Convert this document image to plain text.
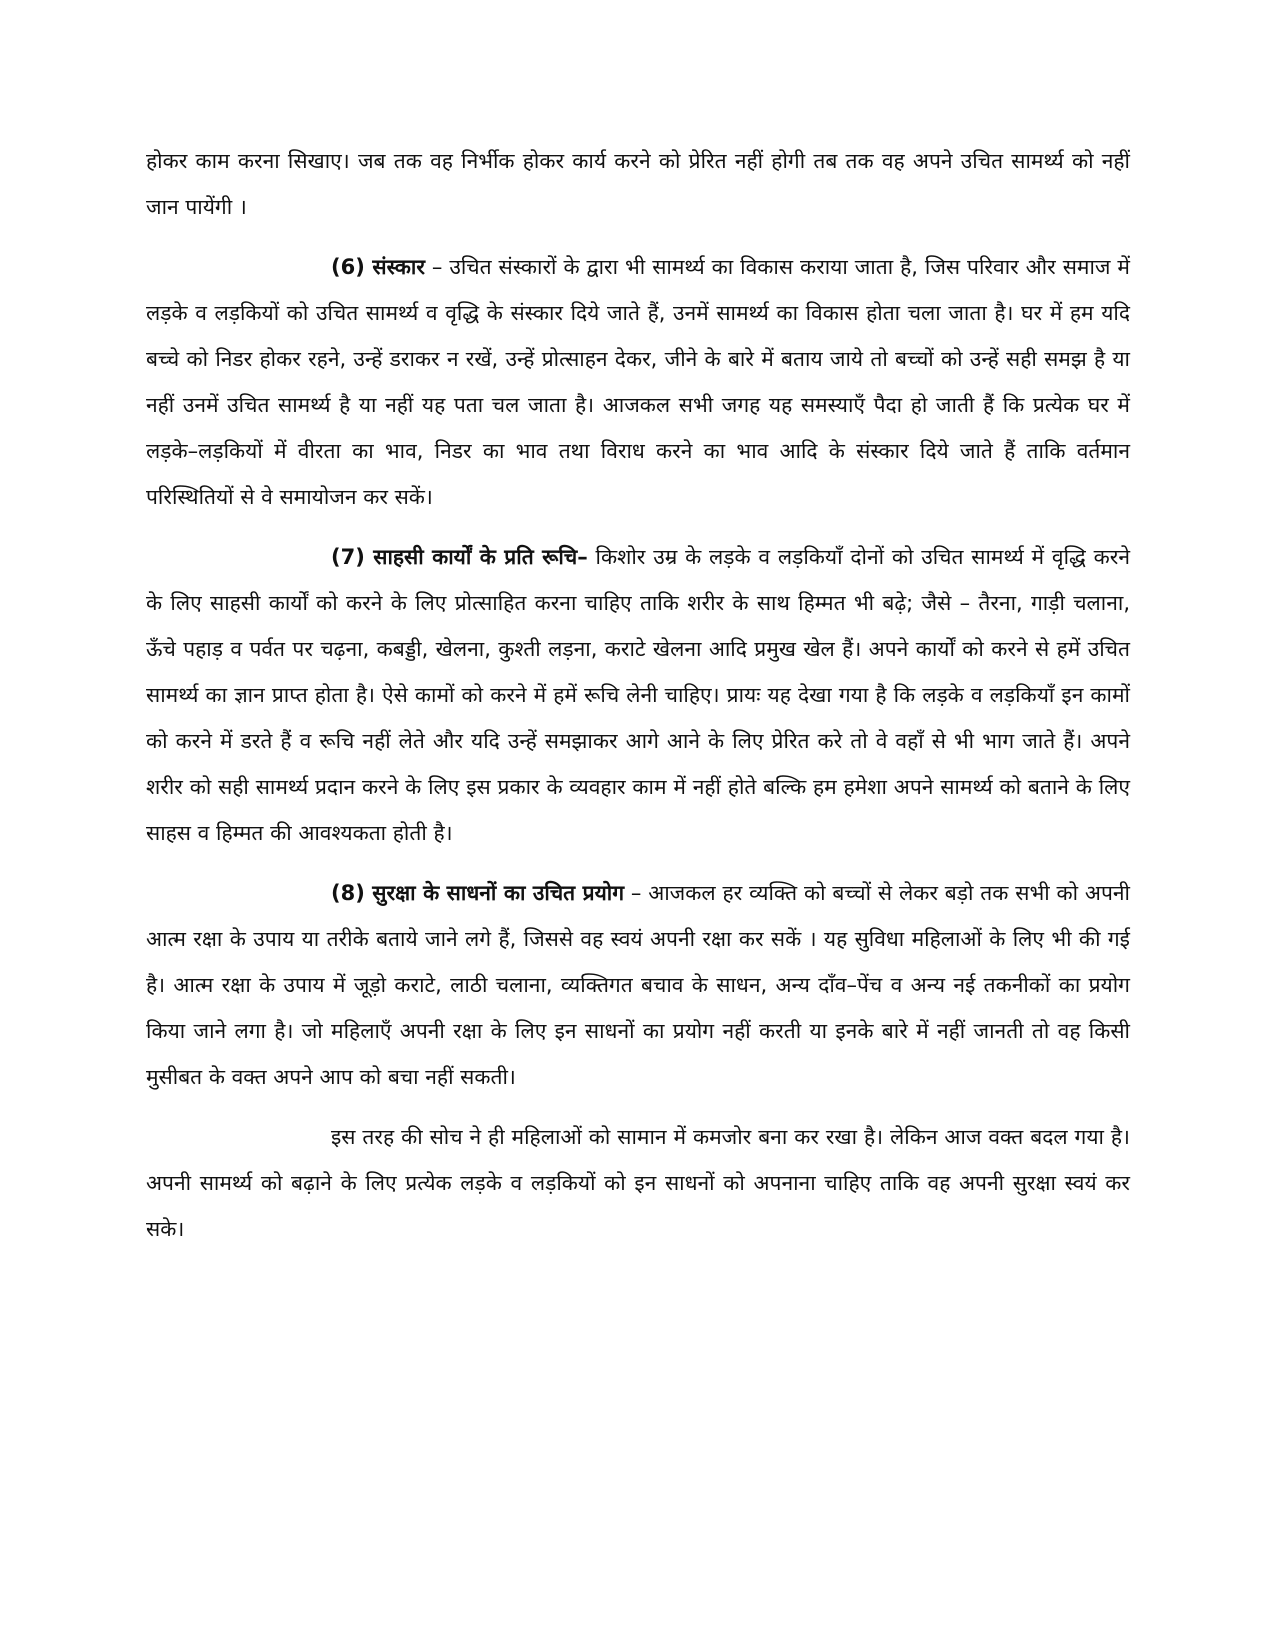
होकर काम करना सिखाए। जब तक वह निर्भीक होकर कार्य करने को प्रेरित नहीं होगी तब तक वह अपने उचित सामर्थ्य को नहीं जान पायेंगी ।

(6) संस्कार – उचित संस्कारों के द्वारा भी सामर्थ्य का विकास कराया जाता है, जिस परिवार और समाज में लड़के व लड़कियों को उचित सामर्थ्य व वृद्धि के संस्कार दिये जाते हैं, उनमें सामर्थ्य का विकास होता चला जाता है। घर में हम यदि बच्चे को निडर होकर रहने, उन्हें डराकर न रखें, उन्हें प्रोत्साहन देकर, जीने के बारे में बताय जाये तो बच्चों को उन्हें सही समझ है या नहीं उनमें उचित सामर्थ्य है या नहीं यह पता चल जाता है। आजकल सभी जगह यह समस्याएँ पैदा हो जाती हैं कि प्रत्येक घर में लड़के–लड़कियों में वीरता का भाव, निडर का भाव तथा विराध करने का भाव आदि के संस्कार दिये जाते हैं ताकि वर्तमान परिस्थितियों से वे समायोजन कर सकें।

(7) साहसी कार्यों के प्रति रूचि– किशोर उम्र के लड़के व लड़कियाँ दोनों को उचित सामर्थ्य में वृद्धि करने के लिए साहसी कार्यों को करने के लिए प्रोत्साहित करना चाहिए ताकि शरीर के साथ हिम्मत भी बढ़े; जैसे – तैरना, गाड़ी चलाना, ऊँचे पहाड़ व पर्वत पर चढ़ना, कबड्डी, खेलना, कुश्ती लड़ना, कराटे खेलना आदि प्रमुख खेल हैं। अपने कार्यों को करने से हमें उचित सामर्थ्य का ज्ञान प्राप्त होता है। ऐसे कामों को करने में हमें रूचि लेनी चाहिए। प्रायः यह देखा गया है कि लड़के व लड़कियाँ इन कामों को करने में डरते हैं व रूचि नहीं लेते और यदि उन्हें समझाकर आगे आने के लिए प्रेरित करे तो वे वहाँ से भी भाग जाते हैं। अपने शरीर को सही सामर्थ्य प्रदान करने के लिए इस प्रकार के व्यवहार काम में नहीं होते बल्कि हम हमेशा अपने सामर्थ्य को बताने के लिए साहस व हिम्मत की आवश्यकता होती है।

(8) सुरक्षा के साधनों का उचित प्रयोग – आजकल हर व्यक्ति को बच्चों से लेकर बड़ो तक सभी को अपनी आत्म रक्षा के उपाय या तरीके बताये जाने लगे हैं, जिससे वह स्वयं अपनी रक्षा कर सकें । यह सुविधा महिलाओं के लिए भी की गई है। आत्म रक्षा के उपाय में जूड़ो कराटे, लाठी चलाना, व्यक्तिगत बचाव के साधन, अन्य दाँव–पेंच व अन्य नई तकनीकों का प्रयोग किया जाने लगा है। जो महिलाएँ अपनी रक्षा के लिए इन साधनों का प्रयोग नहीं करती या इनके बारे में नहीं जानती तो वह किसी मुसीबत के वक्त अपने आप को बचा नहीं सकती।

इस तरह की सोच ने ही महिलाओं को सामान में कमजोर बना कर रखा है। लेकिन आज वक्त बदल गया है। अपनी सामर्थ्य को बढ़ाने के लिए प्रत्येक लड़के व लड़कियों को इन साधनों को अपनाना चाहिए ताकि वह अपनी सुरक्षा स्वयं कर सके।
